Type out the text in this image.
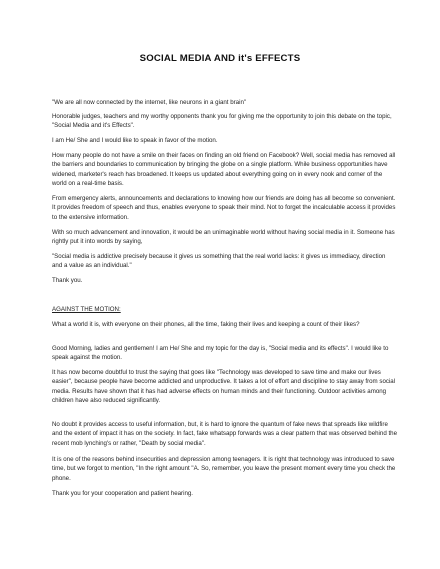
SOCIAL MEDIA AND it's EFFECTS

"We are all now connected by the internet, like neurons in a giant brain"

Honorable judges, teachers and my worthy opponents thank you for giving me the opportunity to join this debate on the topic, "Social Media and it's Effects".

I am He/ She and I would like to speak in favor of the motion.

How many people do not have a smile on their faces on finding an old friend on Facebook? Well, social media has removed all the barriers and boundaries to communication by bringing the globe on a single platform. While business opportunities have widened, marketer's reach has broadened. It keeps us updated about everything going on in every nook and corner of the world on a real-time basis.

From emergency alerts, announcements and declarations to knowing how our friends are doing has all become so convenient. It provides freedom of speech and thus, enables everyone to speak their mind. Not to forget the incalculable access it provides to the extensive information.

With so much advancement and innovation, it would be an unimaginable world without having social media in it. Someone has rightly put it into words by saying,

"Social media is addictive precisely because it gives us something that the real world lacks: it gives us immediacy, direction and a value as an individual."

Thank you.

AGAINST THE MOTION:

What a world it is, with everyone on their phones, all the time, faking their lives and keeping a count of their likes?

Good Morning, ladies and gentlemen! I am He/ She and my topic for the day is, "Social media and its effects". I would like to speak against the motion.

It has now become doubtful to trust the saying that goes like "Technology was developed to save time and make our lives easier", because people have become addicted and unproductive. It takes a lot of effort and discipline to stay away from social media. Results have shown that it has had adverse effects on human minds and their functioning. Outdoor activities among children have also reduced significantly.

No doubt it provides access to useful information, but, it is hard to ignore the quantum of fake news that spreads like wildfire and the extent of impact it has on the society. In fact, fake whatsapp forwards was a clear pattern that was observed behind the recent mob lynching's or rather, "Death by social media".

It is one of the reasons behind insecurities and depression among teenagers. It is right that technology was introduced to save time, but we forgot to mention, "In the right amount "A. So, remember, you leave the present moment every time you check the phone.

Thank you for your cooperation and patient hearing.
